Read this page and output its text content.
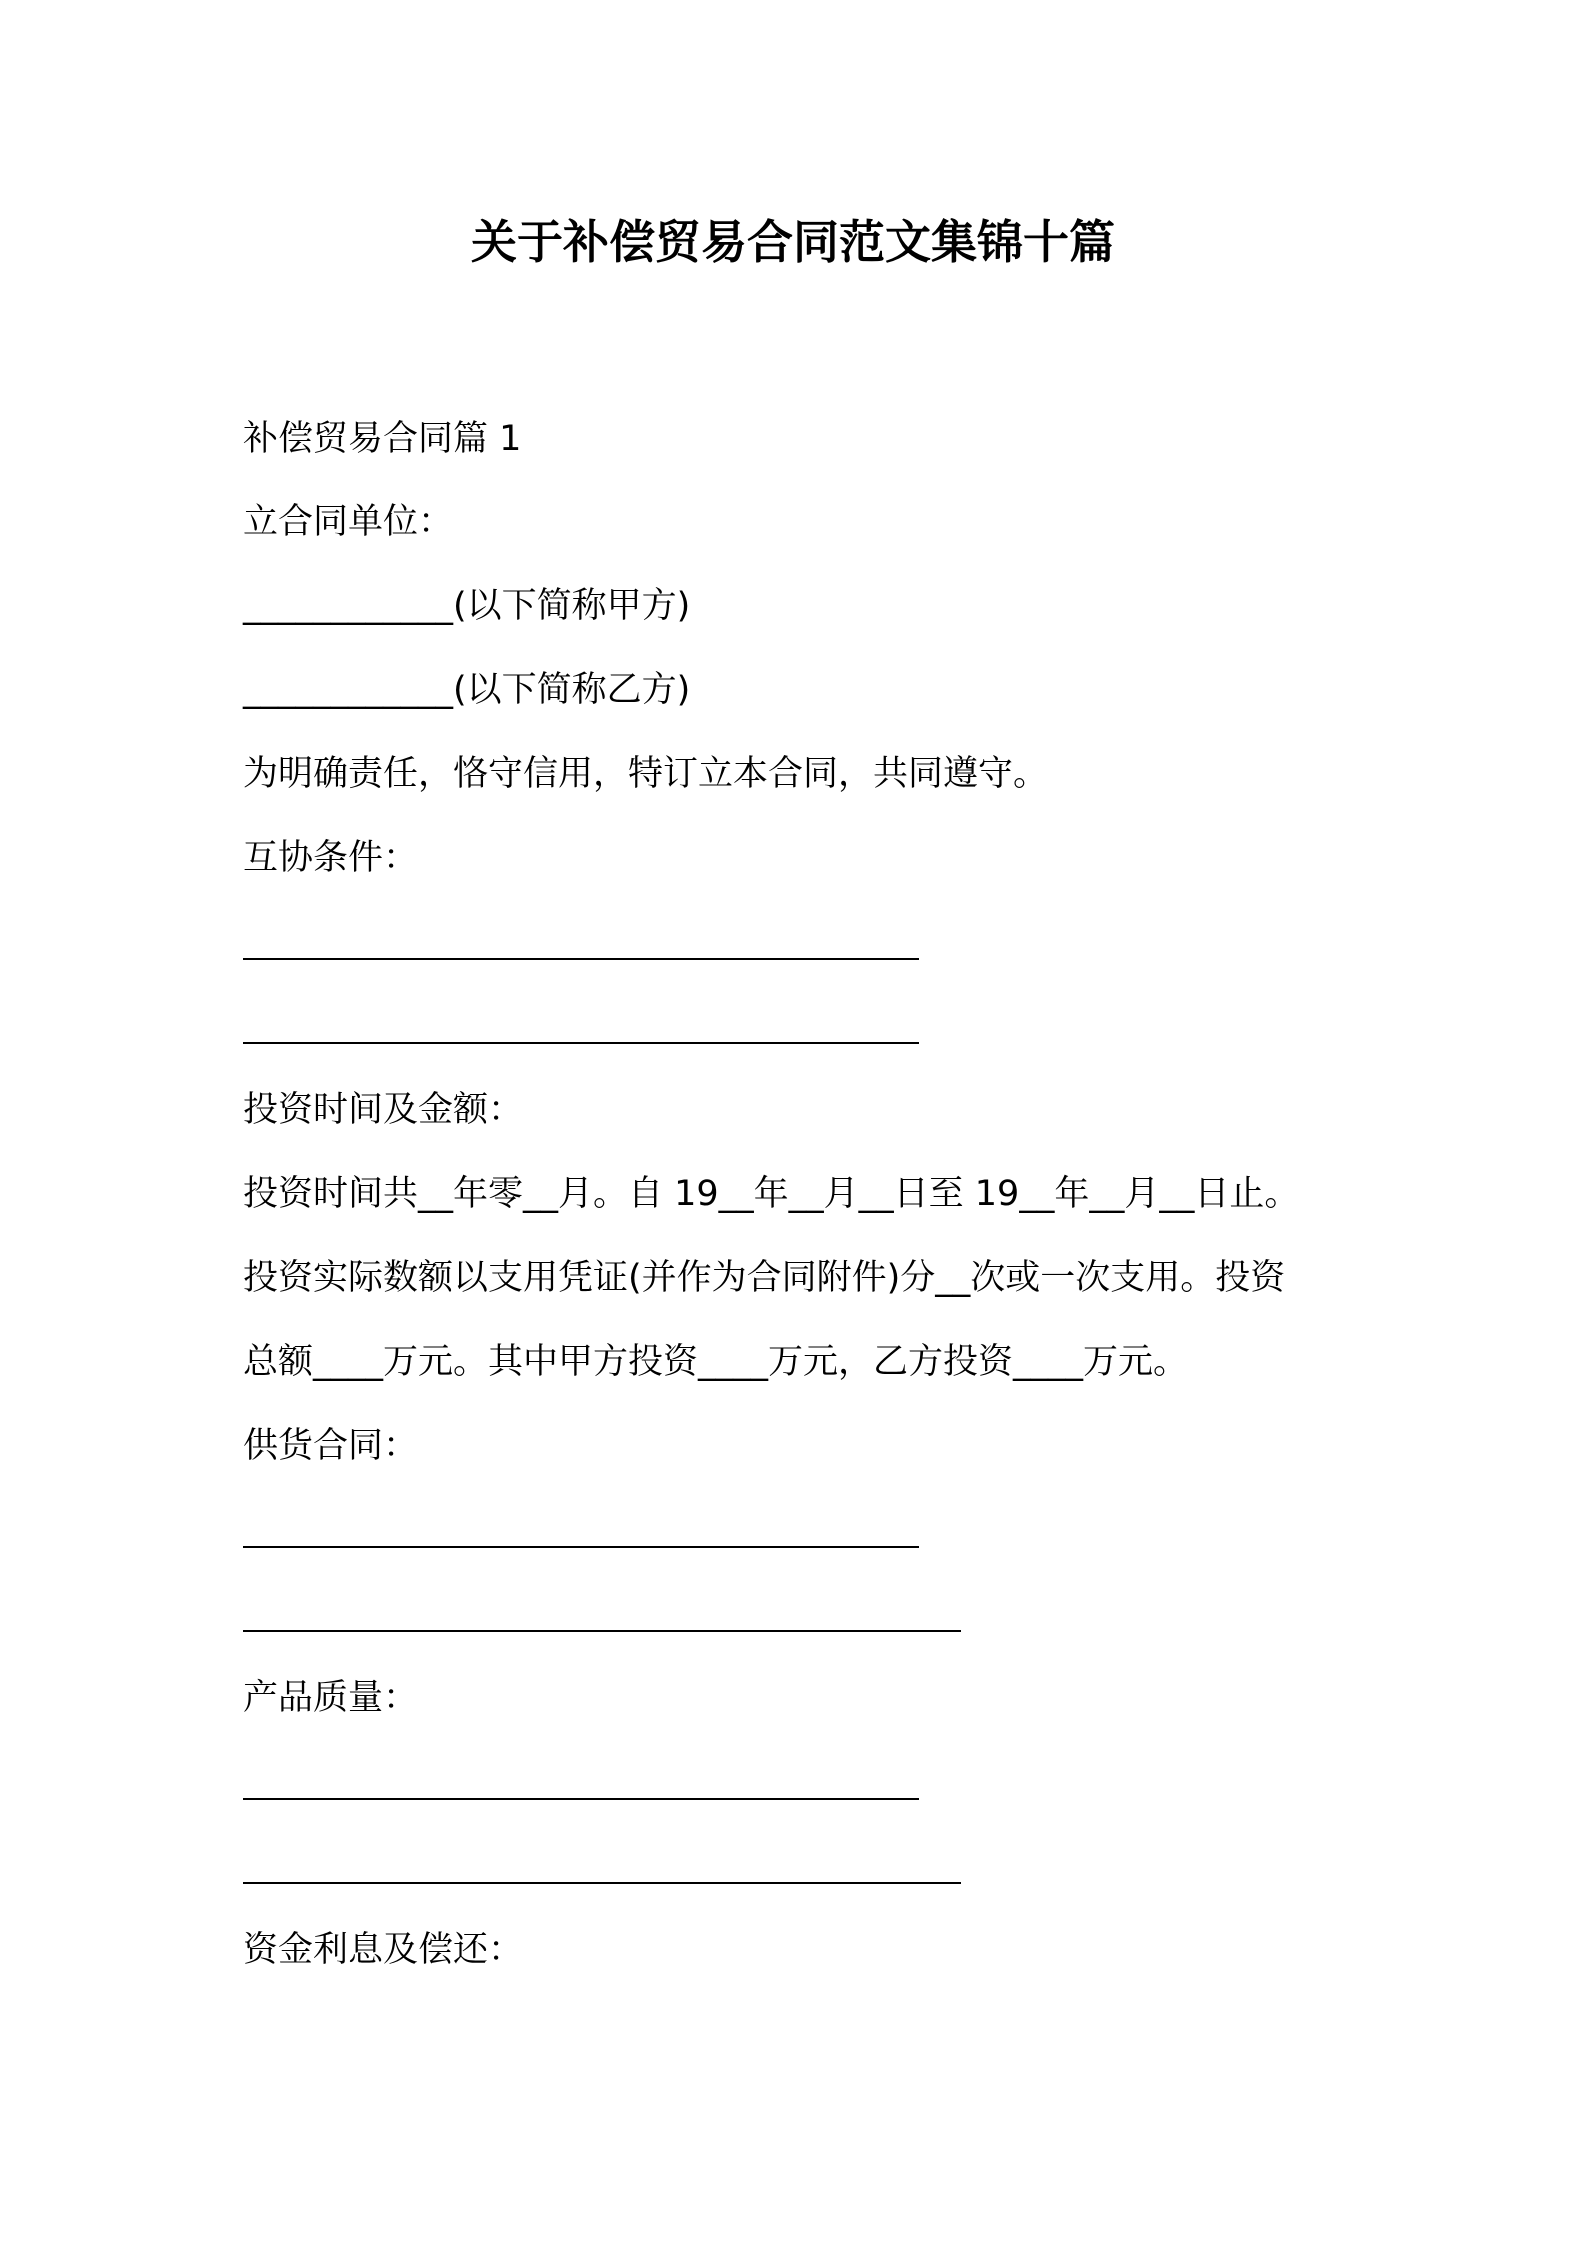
关于补偿贸易合同范文集锦十篇
补偿贸易合同篇 1
立合同单位：
____________(以下简称甲方)
____________(以下简称乙方)
为明确责任，恪守信用，特订立本合同，共同遵守。
互协条件：
投资时间及金额：
投资时间共__年零__月。自 19__年__月__日至 19__年__月__日止。
投资实际数额以支用凭证(并作为合同附件)分__次或一次支用。投资
总额____万元。其中甲方投资____万元，乙方投资____万元。
供货合同：
产品质量：
资金利息及偿还：
